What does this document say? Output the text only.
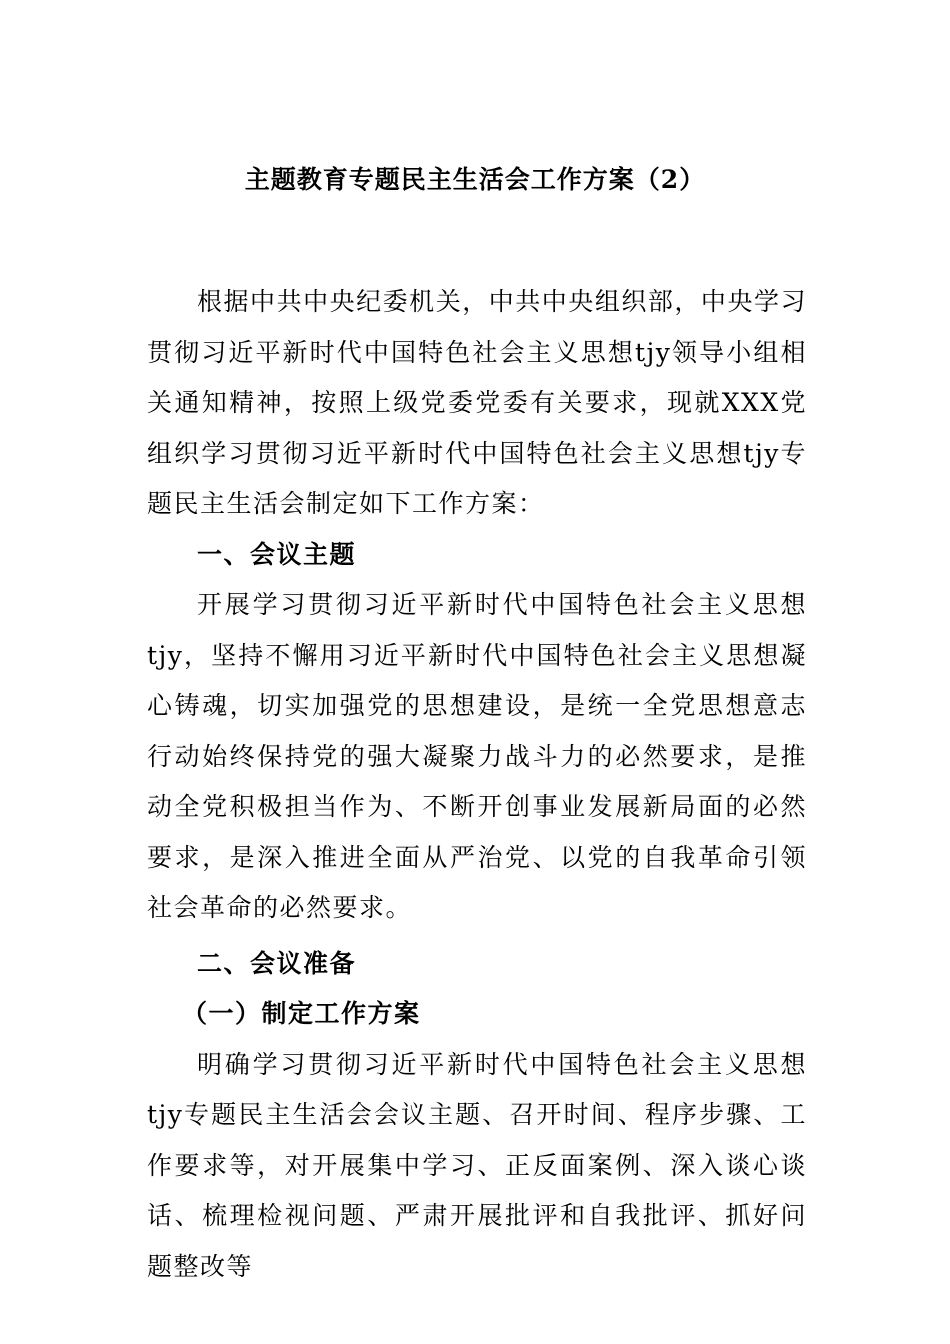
主题教育专题民主生活会工作方案（2）

根据中共中央纪委机关，中共中央组织部，中央学习贯彻习近平新时代中国特色社会主义思想tjy领导小组相关通知精神，按照上级党委党委有关要求，现就XXX党组织学习贯彻习近平新时代中国特色社会主义思想tjy专题民主生活会制定如下工作方案：

一、会议主题

开展学习贯彻习近平新时代中国特色社会主义思想tjy，坚持不懈用习近平新时代中国特色社会主义思想凝心铸魂，切实加强党的思想建设，是统一全党思想意志行动始终保持党的强大凝聚力战斗力的必然要求，是推动全党积极担当作为、不断开创事业发展新局面的必然要求，是深入推进全面从严治党、以党的自我革命引领社会革命的必然要求。

二、会议准备

（一）制定工作方案

明确学习贯彻习近平新时代中国特色社会主义思想tjy专题民主生活会会议主题、召开时间、程序步骤、工作要求等，对开展集中学习、正反面案例、深入谈心谈话、梳理检视问题、严肃开展批评和自我批评、抓好问题整改等
